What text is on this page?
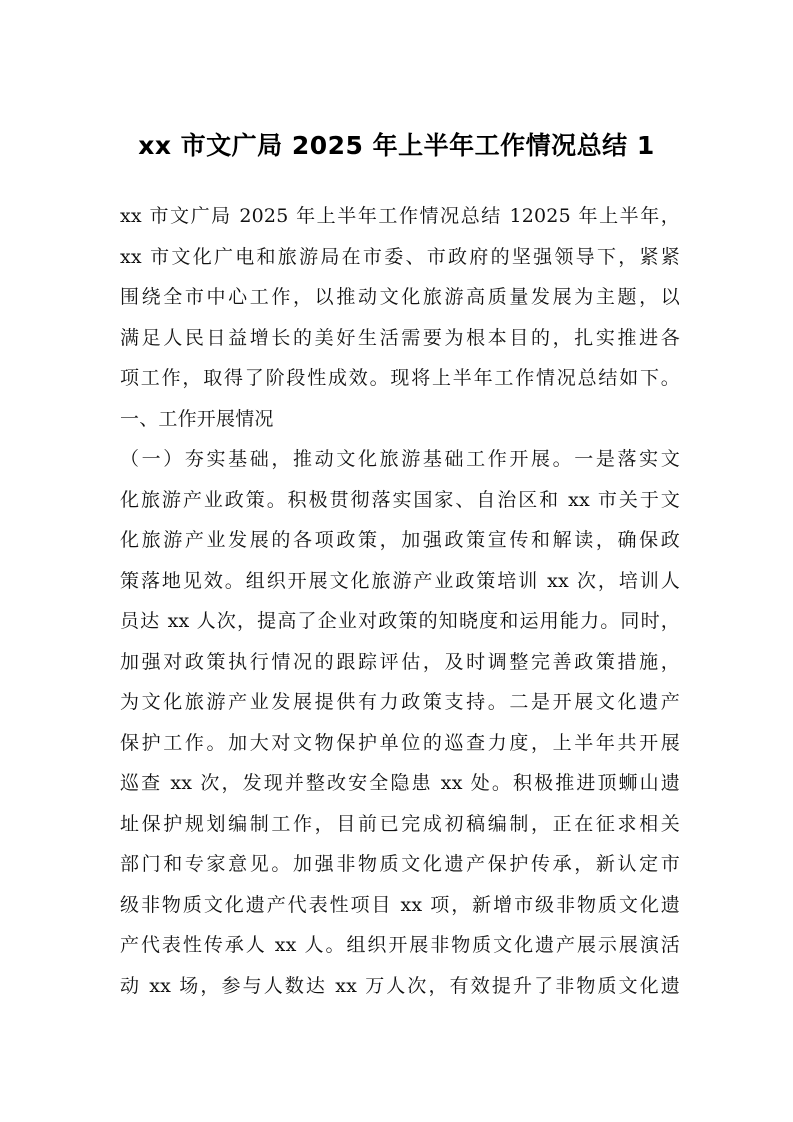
xx 市文广局 2025 年上半年工作情况总结 1
xx 市文广局 2025 年上半年工作情况总结 12025 年上半年，
xx 市文化广电和旅游局在市委、市政府的坚强领导下，紧紧
围绕全市中心工作，以推动文化旅游高质量发展为主题，以
满足人民日益增长的美好生活需要为根本目的，扎实推进各
项工作，取得了阶段性成效。现将上半年工作情况总结如下。
一、工作开展情况
（一）夯实基础，推动文化旅游基础工作开展。一是落实文
化旅游产业政策。积极贯彻落实国家、自治区和 xx 市关于文
化旅游产业发展的各项政策，加强政策宣传和解读，确保政
策落地见效。组织开展文化旅游产业政策培训 xx 次，培训人
员达 xx 人次，提高了企业对政策的知晓度和运用能力。同时，
加强对政策执行情况的跟踪评估，及时调整完善政策措施，
为文化旅游产业发展提供有力政策支持。二是开展文化遗产
保护工作。加大对文物保护单位的巡查力度，上半年共开展
巡查 xx 次，发现并整改安全隐患 xx 处。积极推进顶蛳山遗
址保护规划编制工作，目前已完成初稿编制，正在征求相关
部门和专家意见。加强非物质文化遗产保护传承，新认定市
级非物质文化遗产代表性项目 xx 项，新增市级非物质文化遗
产代表性传承人 xx 人。组织开展非物质文化遗产展示展演活
动 xx 场，参与人数达 xx 万人次，有效提升了非物质文化遗
